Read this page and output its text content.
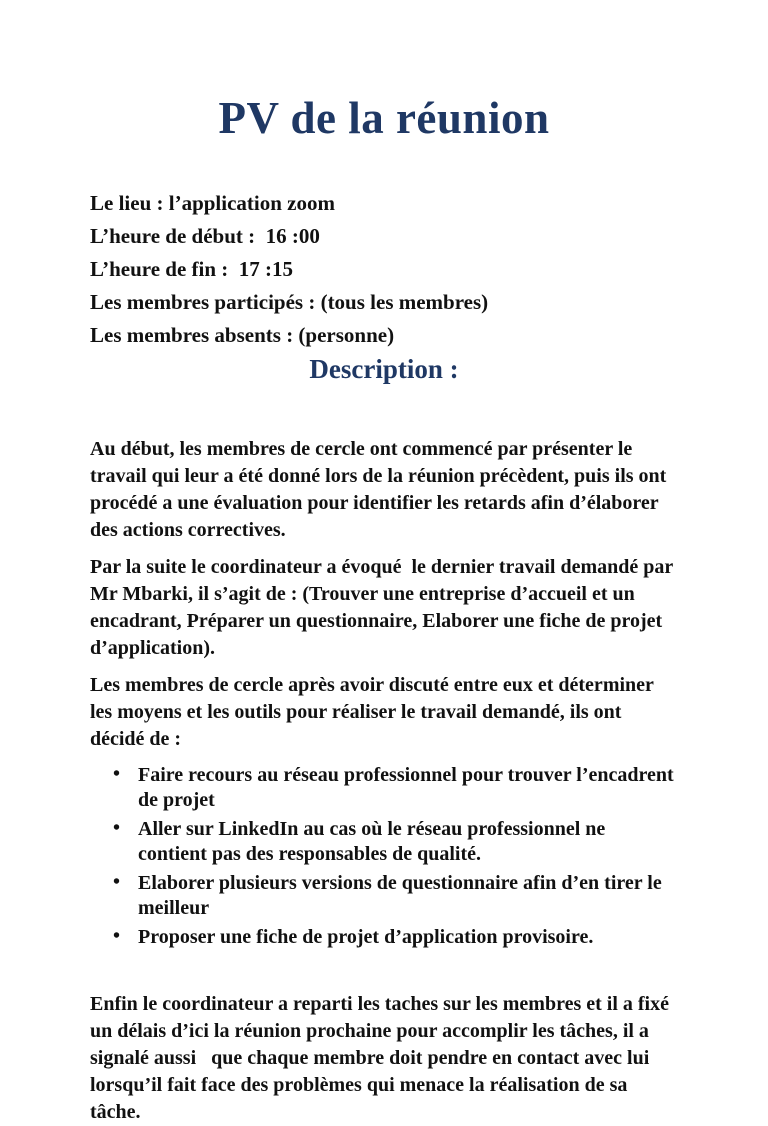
PV de la réunion

Le lieu : l’application zoom

L’heure de début :  16 :00

L’heure de fin :  17 :15

Les membres participés : (tous les membres)

Les membres absents : (personne)

Description :

Au début, les membres de cercle ont commencé par présenter le travail qui leur a été donné lors de la réunion précèdent, puis ils ont procédé a une évaluation pour identifier les retards afin d’élaborer des actions correctives.

Par la suite le coordinateur a évoqué  le dernier travail demandé par Mr Mbarki, il s’agit de : (Trouver une entreprise d’accueil et un encadrant, Préparer un questionnaire, Elaborer une fiche de projet d’application).

Les membres de cercle après avoir discuté entre eux et déterminer les moyens et les outils pour réaliser le travail demandé, ils ont décidé de :

• Faire recours au réseau professionnel pour trouver l’encadrent de projet
• Aller sur LinkedIn au cas où le réseau professionnel ne contient pas des responsables de qualité.
• Elaborer plusieurs versions de questionnaire afin d’en tirer le meilleur
• Proposer une fiche de projet d’application provisoire.

Enfin le coordinateur a reparti les taches sur les membres et il a fixé un délais d’ici la réunion prochaine pour accomplir les tâches, il a signalé aussi   que chaque membre doit pendre en contact avec lui lorsqu’il fait face des problèmes qui menace la réalisation de sa tâche.
